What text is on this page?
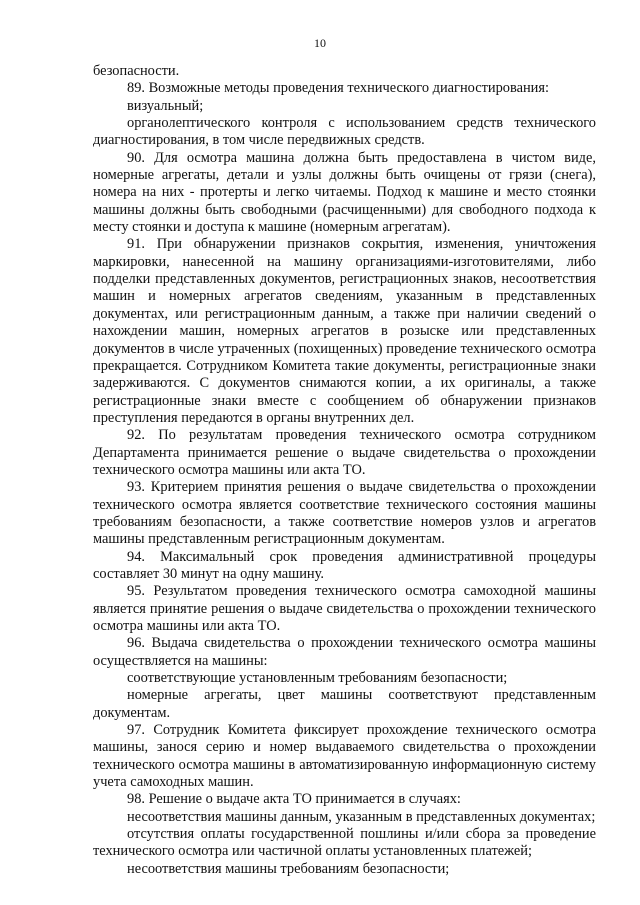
10

безопасности.

89. Возможные методы проведения технического диагностирования:

визуальный;

органолептического контроля с использованием средств технического диагностирования, в том числе передвижных средств.

90. Для осмотра машина должна быть предоставлена в чистом виде, номерные агрегаты, детали и узлы должны быть очищены от грязи (снега), номера на них - протерты и легко читаемы. Подход к машине и место стоянки машины должны быть свободными (расчищенными) для свободного подхода к месту стоянки и доступа к машине (номерным агрегатам).

91. При обнаружении признаков сокрытия, изменения, уничтожения маркировки, нанесенной на машину организациями-изготовителями, либо подделки представленных документов, регистрационных знаков, несоответствия машин и номерных агрегатов сведениям, указанным в представленных документах, или регистрационным данным, а также при наличии сведений о нахождении машин, номерных агрегатов в розыске или представленных документов в числе утраченных (похищенных) проведение технического осмотра прекращается. Сотрудником Комитета такие документы, регистрационные знаки задерживаются. С документов снимаются копии, а их оригиналы, а также регистрационные знаки вместе с сообщением об обнаружении признаков преступления передаются в органы внутренних дел.

92. По результатам проведения технического осмотра сотрудником Департамента принимается решение о выдаче свидетельства о прохождении технического осмотра машины или акта ТО.

93. Критерием принятия решения о выдаче свидетельства о прохождении технического осмотра является соответствие технического состояния машины требованиям безопасности, а также соответствие номеров узлов и агрегатов машины представленным регистрационным документам.

94. Максимальный срок проведения административной процедуры составляет 30 минут на одну машину.

95. Результатом проведения технического осмотра самоходной машины является принятие решения о выдаче свидетельства о прохождении технического осмотра машины или акта ТО.

96. Выдача свидетельства о прохождении технического осмотра машины осуществляется на машины:

соответствующие установленным требованиям безопасности;

номерные агрегаты, цвет машины соответствуют представленным документам.

97. Сотрудник Комитета фиксирует прохождение технического осмотра машины, занося серию и номер выдаваемого свидетельства о прохождении технического осмотра машины в автоматизированную информационную систему учета самоходных машин.

98. Решение о выдаче акта ТО принимается в случаях:

несоответствия машины данным, указанным в представленных документах;

отсутствия оплаты государственной пошлины и/или сбора за проведение технического осмотра или частичной оплаты установленных платежей;

несоответствия машины требованиям безопасности;
